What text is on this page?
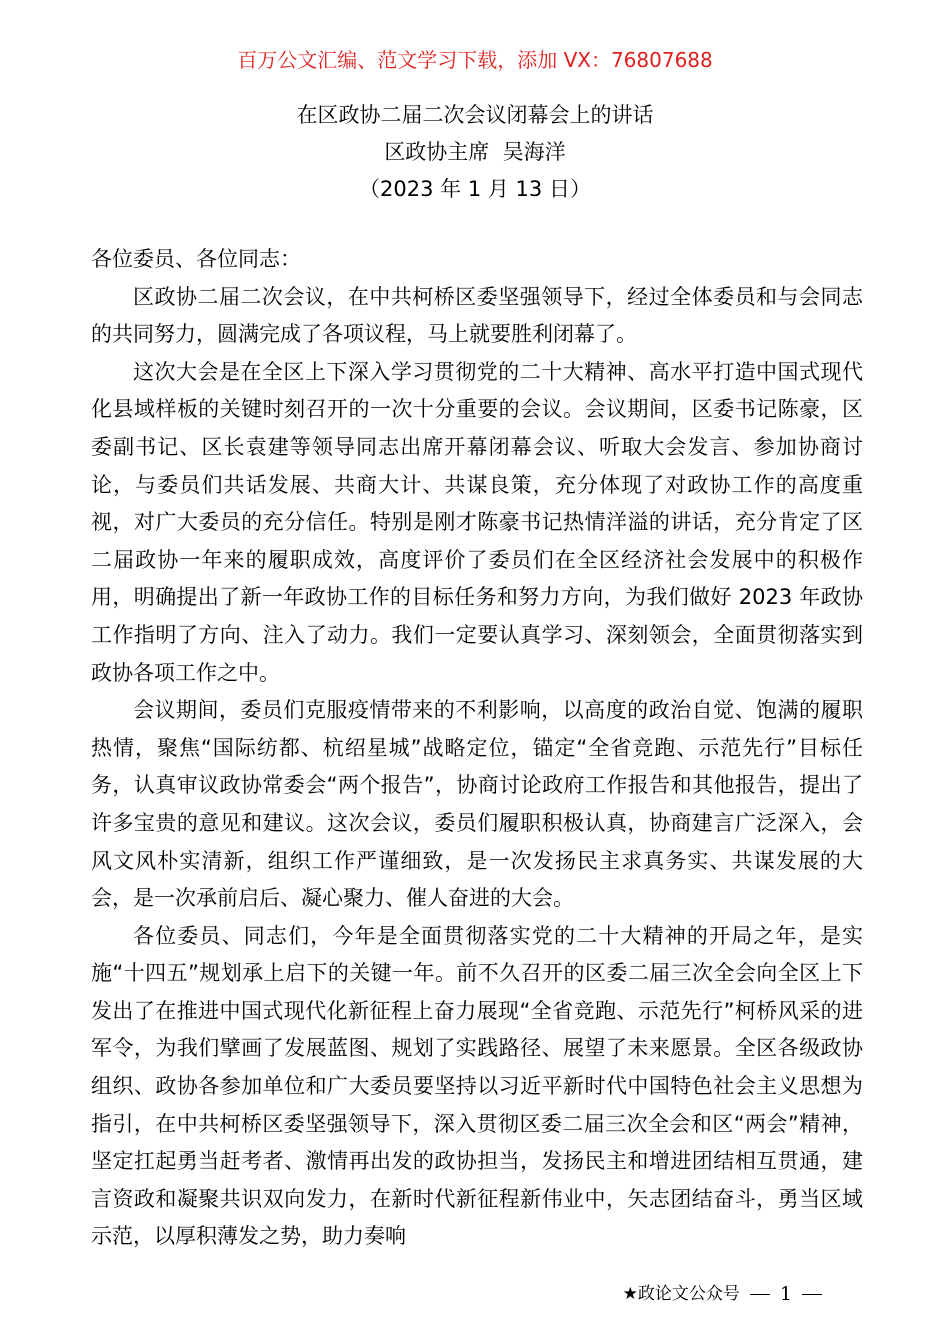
百万公文汇编、范文学习下载，添加 VX：76807688
在区政协二届二次会议闭幕会上的讲话
区政协主席  吴海洋
（2023 年 1 月 13 日）

各位委员、各位同志：

区政协二届二次会议，在中共柯桥区委坚强领导下，经过全体委员和与会同志的共同努力，圆满完成了各项议程，马上就要胜利闭幕了。

这次大会是在全区上下深入学习贯彻党的二十大精神、高水平打造中国式现代化县域样板的关键时刻召开的一次十分重要的会议。会议期间，区委书记陈豪，区委副书记、区长袁建等领导同志出席开幕闭幕会议、听取大会发言、参加协商讨论，与委员们共话发展、共商大计、共谋良策，充分体现了对政协工作的高度重视，对广大委员的充分信任。特别是刚才陈豪书记热情洋溢的讲话，充分肯定了区二届政协一年来的履职成效，高度评价了委员们在全区经济社会发展中的积极作用，明确提出了新一年政协工作的目标任务和努力方向，为我们做好 2023 年政协工作指明了方向、注入了动力。我们一定要认真学习、深刻领会，全面贯彻落实到政协各项工作之中。

会议期间，委员们克服疫情带来的不利影响，以高度的政治自觉、饱满的履职热情，聚焦“国际纺都、杭绍星城”战略定位，锚定“全省竞跑、示范先行”目标任务，认真审议政协常委会“两个报告”，协商讨论政府工作报告和其他报告，提出了许多宝贵的意见和建议。这次会议，委员们履职积极认真，协商建言广泛深入，会风文风朴实清新，组织工作严谨细致，是一次发扬民主求真务实、共谋发展的大会，是一次承前启后、凝心聚力、催人奋进的大会。

各位委员、同志们，今年是全面贯彻落实党的二十大精神的开局之年，是实施“十四五”规划承上启下的关键一年。前不久召开的区委二届三次全会向全区上下发出了在推进中国式现代化新征程上奋力展现“全省竞跑、示范先行”柯桥风采的进军令，为我们擘画了发展蓝图、规划了实践路径、展望了未来愿景。全区各级政协组织、政协各参加单位和广大委员要坚持以习近平新时代中国特色社会主义思想为指引，在中共柯桥区委坚强领导下，深入贯彻区委二届三次全会和区“两会”精神，坚定扛起勇当赶考者、激情再出发的政协担当，发扬民主和增进团结相互贯通，建言资政和凝聚共识双向发力，在新时代新征程新伟业中，矢志团结奋斗，勇当区域示范，以厚积薄发之势，助力奏响

★政论文公众号 1
